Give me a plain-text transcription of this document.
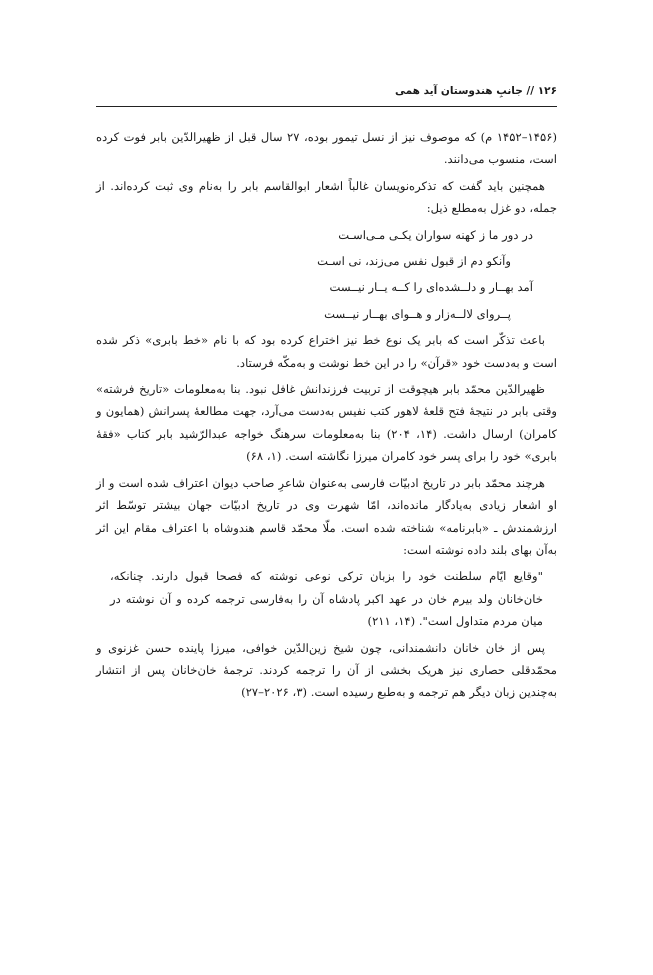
۱۲۶ // جانبِ هندوستان آید همی

(۱۴۵۶–۱۴۵۲ م) که موصوف نیز از نسل تیمور بوده، ۲۷ سال قبل از ظهیرالدّین بابر فوت کرده است، منسوب می‌دانند.

همچنین باید گفت که تذکره‌نویسان غالباً اشعار ابوالقاسم بابر را به‌نام وی ثبت کرده‌اند. از جمله، دو غزل به‌مطلع ذیل:

در دور ما ز کهنه سواران یکـی مـی‌اسـت

وآنکو دم از قبول نفس می‌زند، نی اسـت

آمد بهــار و دلــشده‌ای را کــه یــار نیــست

پــروای لالــه‌زار و هــوای بهــار نیــست

باعث تذکّر است که بابر یک نوع خط نیز اختراع کرده بود که با نام «خط بابری» ذکر شده است و به‌دست خود «قرآن» را در این خط نوشت و به‌مکّه فرستاد.

ظهیرالدّین محمّد بابر هیچوقت از تربیت فرزندانش غافل نبود. بنا به‌معلومات «تاریخ فرشته» وقتی بابر در نتیجهٔ فتح قلعهٔ لاهور کتب نفیس به‌دست می‌آرد، جهت مطالعهٔ پسرانش (همایون و کامران) ارسال داشت. (۱۴، ۲۰۴) بنا به‌معلومات سرهنگ خواجه عبدالرّشید بابر کتاب «فقهٔ بابری» خود را برای پسر خود کامران میرزا نگاشته است. (۱، ۶۸)

هرچند محمّد بابر در تاریخ ادبیّات فارسی به‌عنوان شاعرِ صاحب دیوان اعتراف شده است و از او اشعار زیادی به‌یادگار مانده‌اند، امّا شهرت وی در تاریخ ادبیّات جهان بیشتر توسّط اثر ارزشمندش ـ «بابرنامه» شناخته شده است. ملّا محمّد قاسم هندوشاه با اعتراف مقام این اثر به‌آن بهای بلند داده نوشته است:

"وقایع ایّام سلطنت خود را بزبان ترکی نوعی نوشته که فصحا قبول دارند. چنانکه، خان‌خانان ولد بیرم خان در عهد اکبر پادشاه آن را به‌فارسی ترجمه کرده و آن نوشته در میان مردم متداول است". (۱۴، ۲۱۱)

پس از خان خانان دانشمندانی، چون شیخ زین‌الدّین خوافی، میرزا پاینده حسن غزنوی و محمّدقلی حصاری نیز هریک بخشی از آن را ترجمه کردند. ترجمهٔ خان‌خانان پس از انتشار به‌چندین زبان دیگر هم ترجمه و به‌طبع رسیده است. (۳، ۲۰۲۶–۲۷)
